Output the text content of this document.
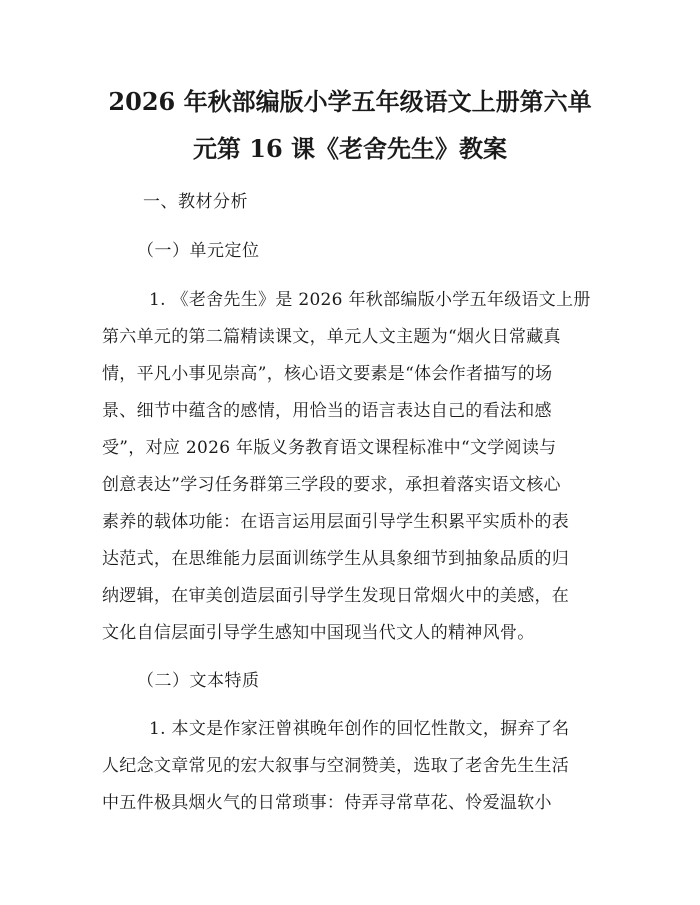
2026 年秋部编版小学五年级语文上册第六单
元第 16 课《老舍先生》教案
一、教材分析
（一）单元定位
1. 《老舍先生》是 2026 年秋部编版小学五年级语文上册
第六单元的第二篇精读课文，单元人文主题为“烟火日常藏真
情，平凡小事见崇高”，核心语文要素是“体会作者描写的场
景、细节中蕴含的感情，用恰当的语言表达自己的看法和感
受”，对应 2026 年版义务教育语文课程标准中“文学阅读与
创意表达”学习任务群第三学段的要求，承担着落实语文核心
素养的载体功能：在语言运用层面引导学生积累平实质朴的表
达范式，在思维能力层面训练学生从具象细节到抽象品质的归
纳逻辑，在审美创造层面引导学生发现日常烟火中的美感，在
文化自信层面引导学生感知中国现当代文人的精神风骨。
（二）文本特质
1. 本文是作家汪曾祺晚年创作的回忆性散文，摒弃了名
人纪念文章常见的宏大叙事与空洞赞美，选取了老舍先生生活
中五件极具烟火气的日常琐事：侍弄寻常草花、怜爱温软小
